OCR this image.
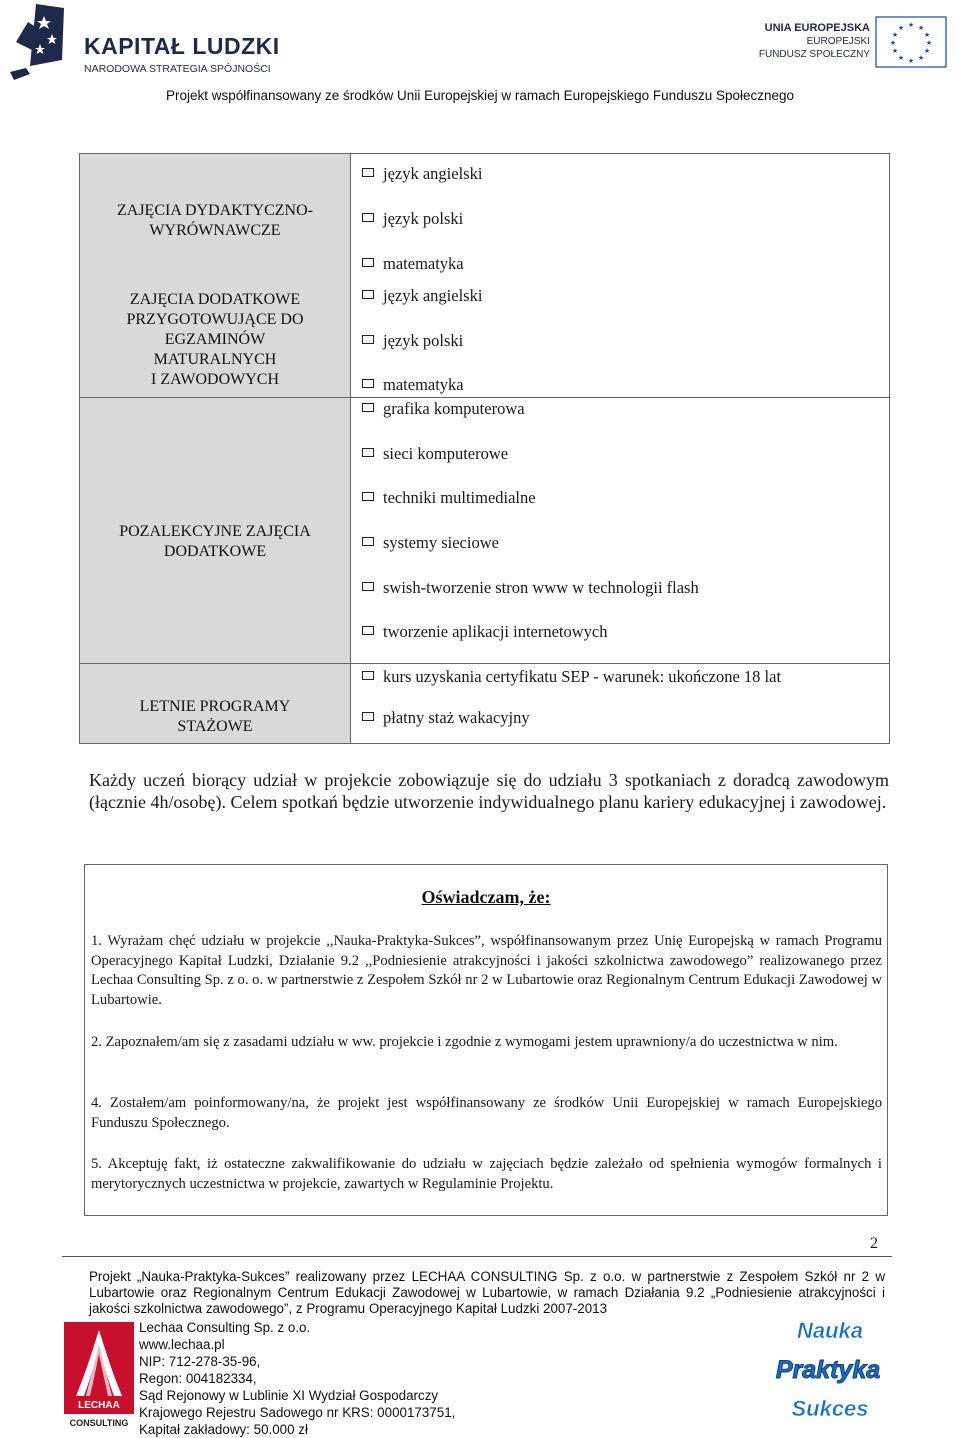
KAPITAŁ LUDZKI
NARODOWA STRATEGIA SPÓJNOŚCI
UNIA EUROPEJSKA
EUROPEJSKI
FUNDUSZ SPOŁECZNY
★ ★
★
★
★
★
★
★
★
★
★
★
Projekt współfinansowany ze środków Unii Europejskiej w ramach Europejskiego Funduszu Społecznego
ZAJĘCIA DYDAKTYCZNO-
WYRÓWNAWCZE
ZAJĘCIA DODATKOWE
PRZYGOTOWUJĄCE DO
EGZAMINÓW
MATURALNYCH
I ZAWODOWYCH
POZALEKCYJNE ZAJĘCIA
DODATKOWE
LETNIE PROGRAMY
STAŻOWE
język angielski
język polski
matematyka
język angielski
język polski
matematyka
grafika komputerowa
sieci komputerowe
techniki multimedialne
systemy sieciowe
swish-tworzenie stron www w technologii flash
tworzenie aplikacji internetowych
kurs uzyskania certyfikatu SEP - warunek: ukończone 18 lat
płatny staż wakacyjny
Każdy uczeń biorący udział w projekcie zobowiązuje się do udziału 3 spotkaniach z doradcą zawodowym (łącznie 4h/osobę). Celem spotkań będzie utworzenie indywidualnego planu kariery edukacyjnej i zawodowej.
Oświadczam, że:
1. Wyrażam chęć udziału w projekcie ,,Nauka-Praktyka-Sukces”, współfinansowanym przez Unię Europejską w ramach Programu Operacyjnego Kapitał Ludzki, Działanie 9.2 ,,Podniesienie atrakcyjności i jakości szkolnictwa zawodowego” realizowanego przez Lechaa Consulting Sp. z o. o. w partnerstwie z Zespołem Szkół nr 2 w Lubartowie oraz Regionalnym Centrum Edukacji Zawodowej w Lubartowie.
2. Zapoznałem/am się z zasadami udziału w ww. projekcie i zgodnie z wymogami jestem uprawniony/a do uczestnictwa w nim.
4. Zostałem/am poinformowany/na, że projekt jest współfinansowany ze środków Unii Europejskiej w ramach Europejskiego Funduszu Społecznego.
5. Akceptuję fakt, iż ostateczne zakwalifikowanie do udziału w zajęciach będzie zależało od spełnienia wymogów formalnych i merytorycznych uczestnictwa w projekcie, zawartych w Regulaminie Projektu.
2
Projekt „Nauka-Praktyka-Sukces” realizowany przez LECHAA CONSULTING Sp. z o.o. w partnerstwie z Zespołem Szkół nr 2 w Lubartowie oraz Regionalnym Centrum Edukacji Zawodowej w Lubartowie, w ramach Działania 9.2 „Podniesienie atrakcyjności i jakości szkolnictwa zawodowego”, z Programu Operacyjnego Kapitał Ludzki 2007-2013
LECHAA
CONSULTING
Lechaa Consulting Sp. z o.o.
www.lechaa.pl
NIP: 712-278-35-96,
Regon: 004182334,
Sąd Rejonowy w Lublinie XI Wydział Gospodarczy
Krajowego Rejestru Sadowego nr KRS: 0000173751,
Kapitał zakładowy: 50.000 zł
Nauka
Praktyka
Sukces
